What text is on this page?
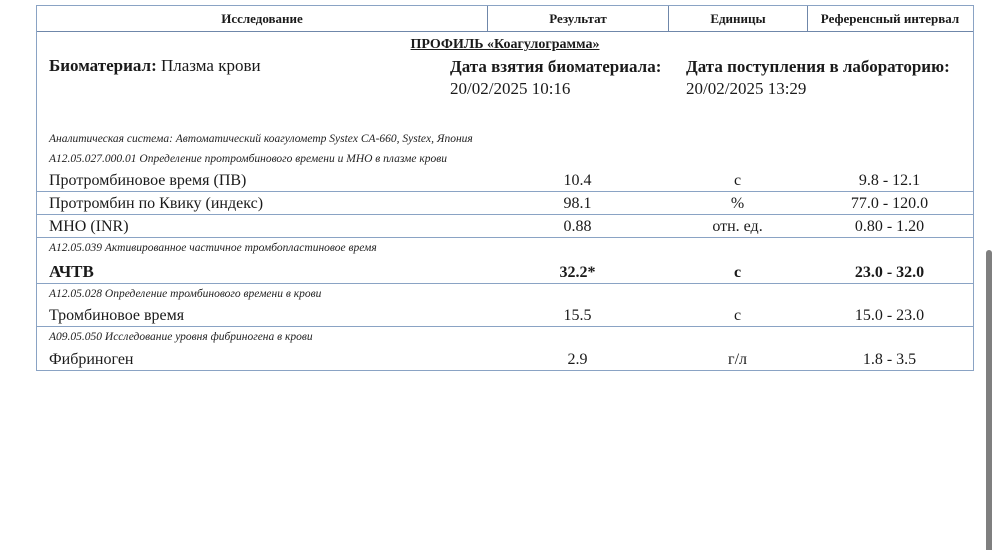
Исследование	Результат	Единицы	Референсный интервал
ПРОФИЛЬ «Коагулограмма»
Биоматериал: Плазма крови	Дата взятия биоматериала:
20/02/2025 10:16
Дата поступления в лабораторию:
20/02/2025 13:29
Аналитическая система: Автоматический коагулометр Systex CA-660, Systex, Япония
A12.05.027.000.01 Определение протромбинового времени и МНО в плазме крови
Протромбиновое время (ПВ)	10.4	с	9.8 - 12.1
Протромбин по Квику (индекс)	98.1	%	77.0 - 120.0
МНО (INR)	0.88	отн. ед.	0.80 - 1.20
A12.05.039 Активированное частичное тромбопластиновое время
АЧТВ	32.2*	с	23.0 - 32.0
A12.05.028 Определение тромбинового времени в крови
Тромбиновое время	15.5	с	15.0 - 23.0
A09.05.050 Исследование уровня фибриногена в крови
Фибриноген	2.9	г/л	1.8 - 3.5
